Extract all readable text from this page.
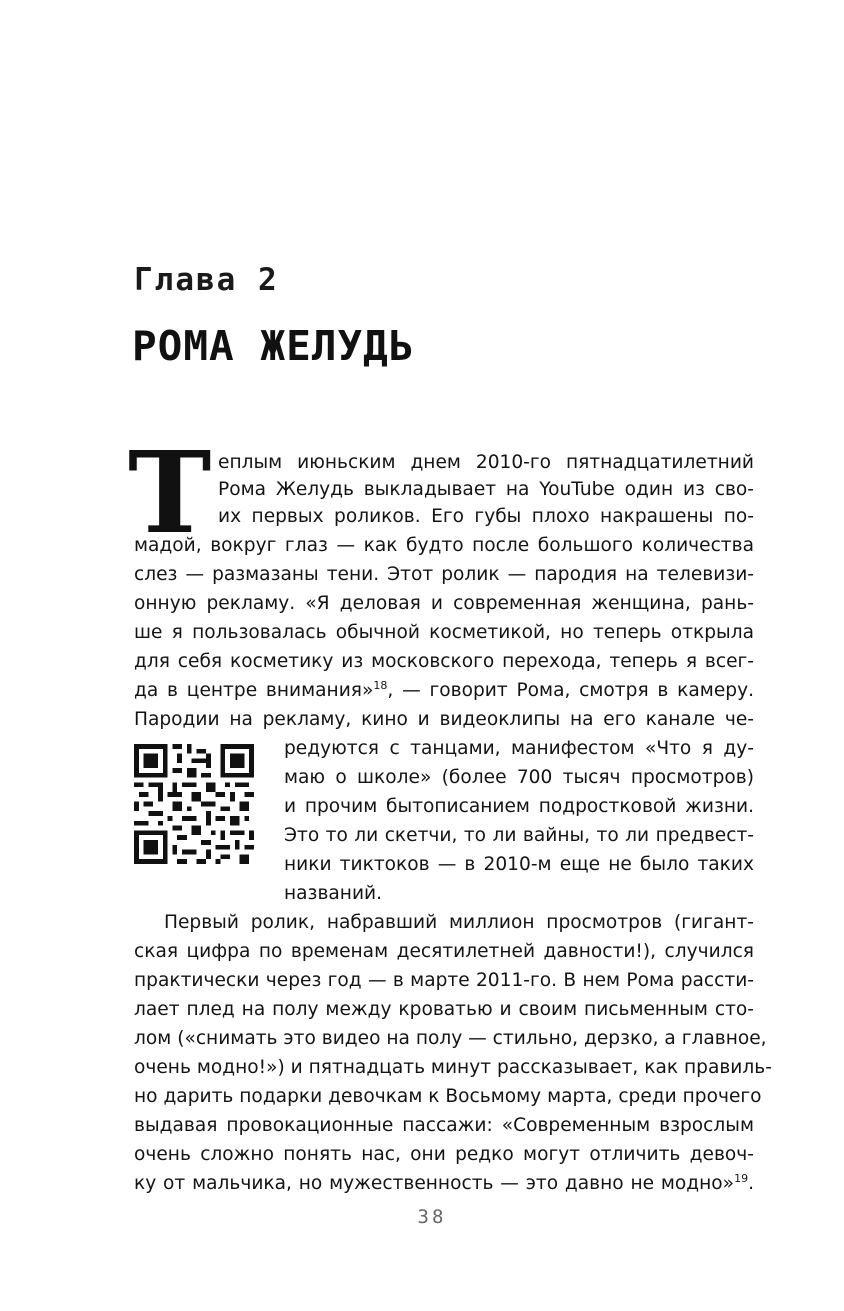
Глава 2
РОМА ЖЕЛУДЬ
Т еплым июньским днем 2010-го пятнадцатилетний
Рома Желудь выкладывает на YouTube один из сво-
их первых роликов. Его губы плохо накрашены по-
мадой, вокруг глаз — как будто после большого количества
слез — размазаны тени. Этот ролик — пародия на телевизи-
онную рекламу. «Я деловая и современная женщина, рань-
ше я пользовалась обычной косметикой, но теперь открыла
для себя косметику из московского перехода, теперь я всег-
да в центре внимания»$^{18}$, — говорит Рома, смотря в камеру.
Пародии на рекламу, кино и видеоклипы на его канале че-
редуются с танцами, манифестом «Что я ду-
маю о школе» (более 700 тысяч просмотров)
и прочим бытописанием подростковой жизни.
Это то ли скетчи, то ли вайны, то ли предвест-
ники тиктоков — в 2010-м еще не было таких
названий.
Первый ролик, набравший миллион просмотров (гигант-
ская цифра по временам десятилетней давности!), случился
практически через год — в марте 2011-го. В нем Рома рассти-
лает плед на полу между кроватью и своим письменным сто-
лом («снимать это видео на полу — стильно, дерзко, а главное,
очень модно!») и пятнадцать минут рассказывает, как правиль-
но дарить подарки девочкам к Восьмому марта, среди прочего
выдавая провокационные пассажи: «Современным взрослым
очень сложно понять нас, они редко могут отличить девоч-
ку от мальчика, но мужественность — это давно не модно»$^{19}$.
38
